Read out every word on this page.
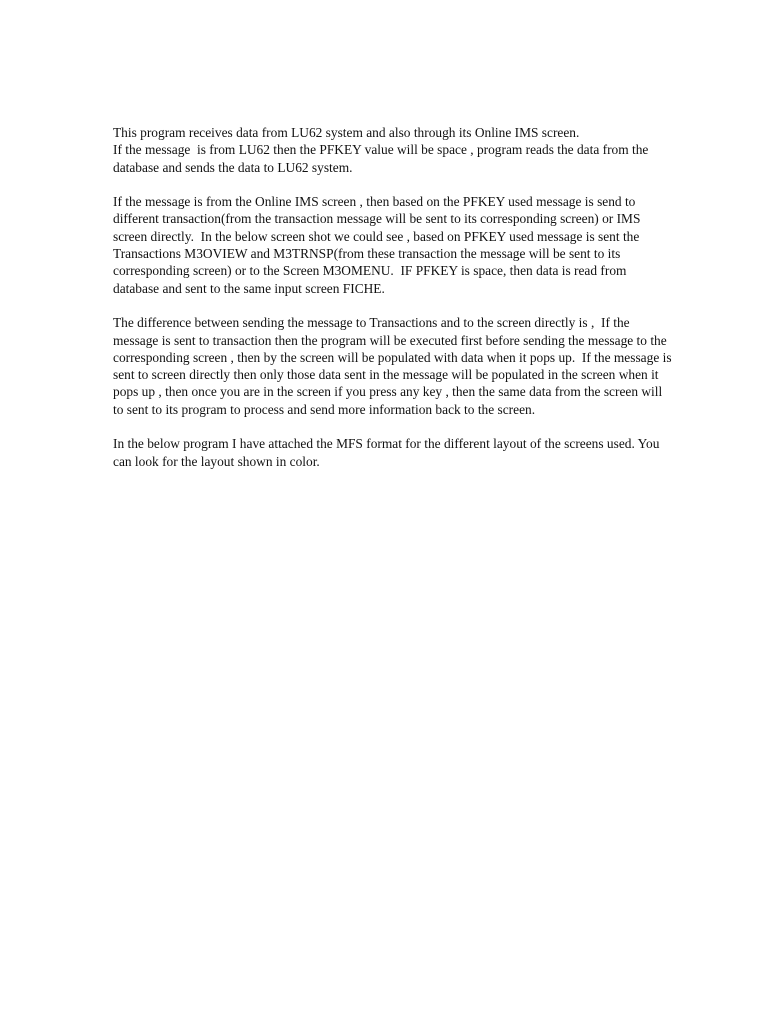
This program receives data from LU62 system and also through its Online IMS screen.
If the message  is from LU62 then the PFKEY value will be space , program reads the data from the
database and sends the data to LU62 system.

If the message is from the Online IMS screen , then based on the PFKEY used message is send to
different transaction(from the transaction message will be sent to its corresponding screen) or IMS
screen directly.  In the below screen shot we could see , based on PFKEY used message is sent the
Transactions M3OVIEW and M3TRNSP(from these transaction the message will be sent to its
corresponding screen) or to the Screen M3OMENU.  IF PFKEY is space, then data is read from
database and sent to the same input screen FICHE.

The difference between sending the message to Transactions and to the screen directly is ,  If the
message is sent to transaction then the program will be executed first before sending the message to the
corresponding screen , then by the screen will be populated with data when it pops up.  If the message is
sent to screen directly then only those data sent in the message will be populated in the screen when it
pops up , then once you are in the screen if you press any key , then the same data from the screen will
to sent to its program to process and send more information back to the screen.

In the below program I have attached the MFS format for the different layout of the screens used. You
can look for the layout shown in color.
